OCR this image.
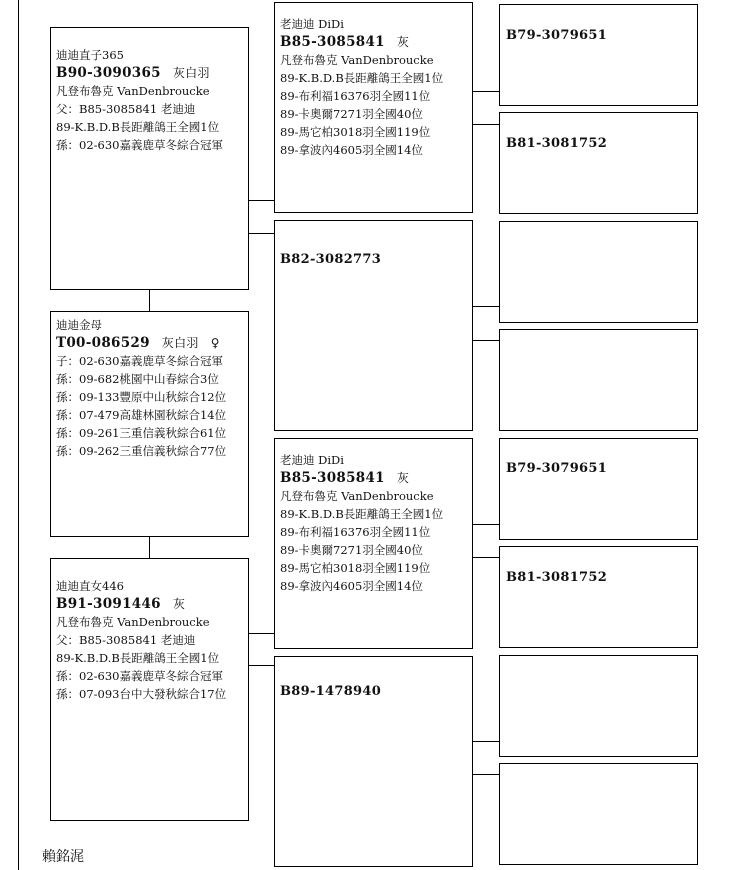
迪迪直子365
B90-3090365 灰白羽
凡登布魯克 VanDenbroucke
父：B85-3085841 老迪迪
89-K.B.D.B長距離鴿王全國1位
孫：02-630嘉義鹿草冬綜合冠軍
迪迪金母
T00-086529 灰白羽 ♀
子：02-630嘉義鹿草冬綜合冠軍
孫：09-682桃園中山春綜合3位
孫：09-133豐原中山秋綜合12位
孫：07-479高雄林園秋綜合14位
孫：09-261三重信義秋綜合61位
孫：09-262三重信義秋綜合77位
迪迪直女446
B91-3091446 灰
凡登布魯克 VanDenbroucke
父：B85-3085841 老迪迪
89-K.B.D.B長距離鴿王全國1位
孫：02-630嘉義鹿草冬綜合冠軍
孫：07-093台中大發秋綜合17位
老迪迪 DiDi
B85-3085841 灰
凡登布魯克 VanDenbroucke
89-K.B.D.B長距離鴿王全國1位
89-布利福16376羽全國11位
89-卡奧爾7271羽全國40位
89-馬它柏3018羽全國119位
89-拿波內4605羽全國14位
B82-3082773
老迪迪 DiDi
B85-3085841 灰
凡登布魯克 VanDenbroucke
89-K.B.D.B長距離鴿王全國1位
89-布利福16376羽全國11位
89-卡奧爾7271羽全國40位
89-馬它柏3018羽全國119位
89-拿波內4605羽全國14位
B89-1478940
B79-3079651
B81-3081752
B79-3079651
B81-3081752
賴銘浘
